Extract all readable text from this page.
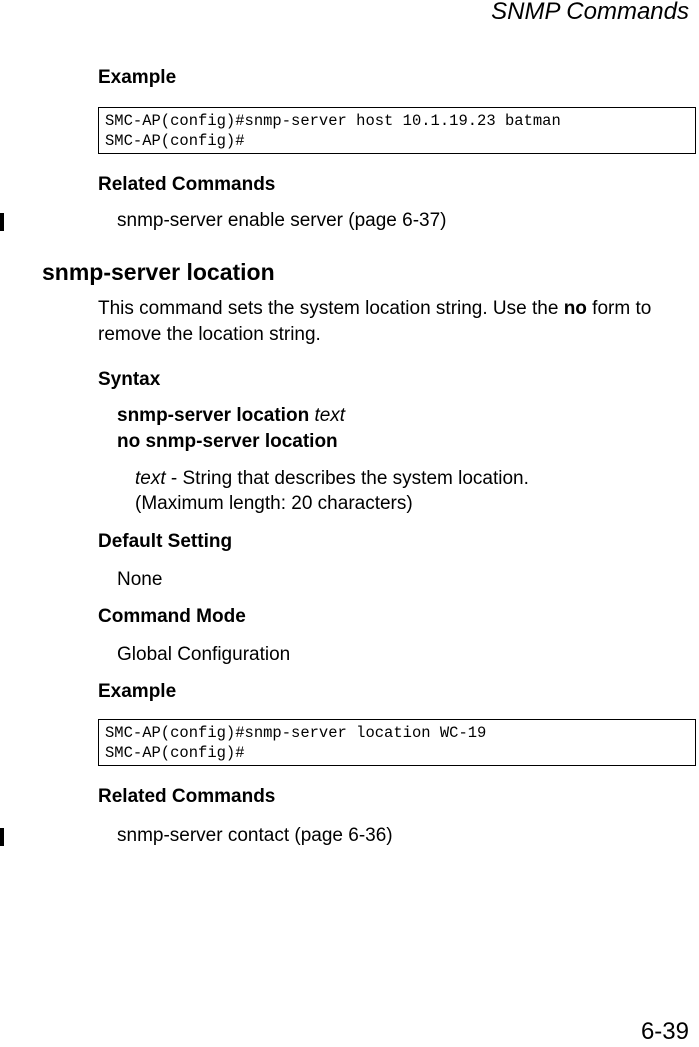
SNMP Commands
Example
SMC-AP(config)#snmp-server host 10.1.19.23 batman
SMC-AP(config)#
Related Commands
snmp-server enable server (page 6-37)
snmp-server location
This command sets the system location string. Use the no form to remove the location string.
Syntax
snmp-server location text
no snmp-server location
text - String that describes the system location.
(Maximum length: 20 characters)
Default Setting
None
Command Mode
Global Configuration
Example
SMC-AP(config)#snmp-server location WC-19
SMC-AP(config)#
Related Commands
snmp-server contact (page 6-36)
6-39
